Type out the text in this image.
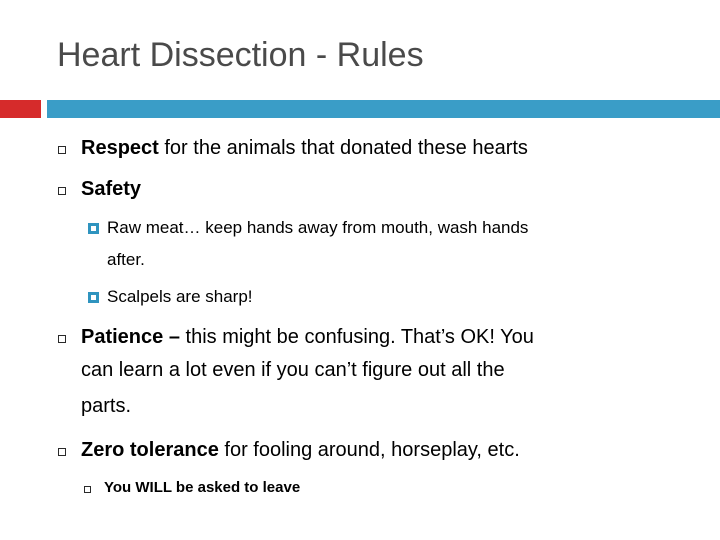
Heart Dissection - Rules
Respect for the animals that donated these hearts
Safety
Raw meat… keep hands away from mouth, wash hands
after.
Scalpels are sharp!
Patience – this might be confusing. That’s OK! You
can learn a lot even if you can’t figure out all the
parts.
Zero tolerance for fooling around, horseplay, etc.
You WILL be asked to leave
